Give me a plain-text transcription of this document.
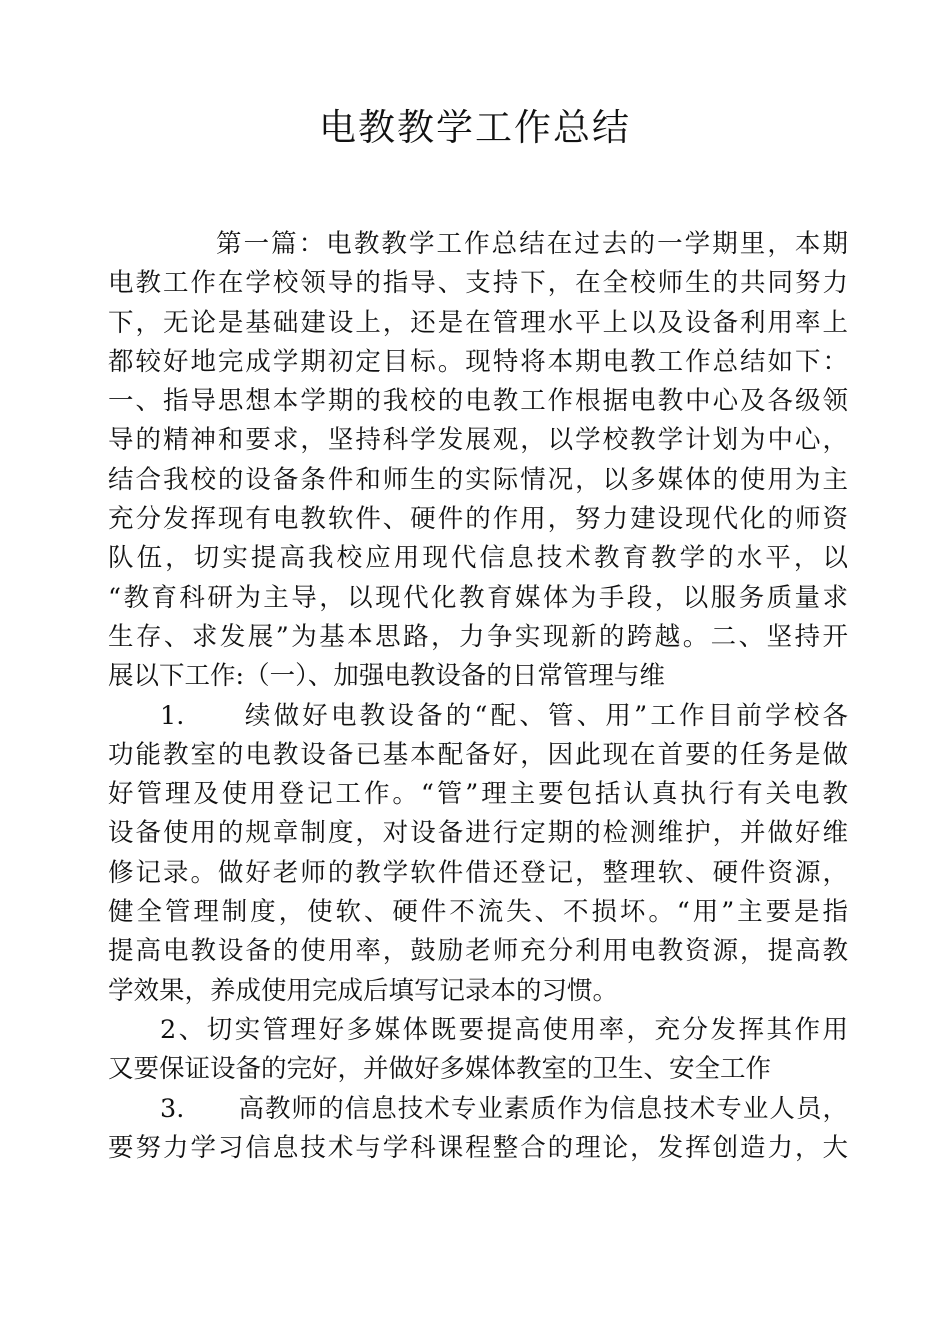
电教教学工作总结
第一篇：电教教学工作总结在过去的一学期里，本期
电教工作在学校领导的指导、支持下，在全校师生的共同努力
下，无论是基础建设上，还是在管理水平上以及设备利用率上
都较好地完成学期初定目标。现特将本期电教工作总结如下：
一、指导思想本学期的我校的电教工作根据电教中心及各级领
导的精神和要求，坚持科学发展观，以学校教学计划为中心，
结合我校的设备条件和师生的实际情况，以多媒体的使用为主
充分发挥现有电教软件、硬件的作用，努力建设现代化的师资
队伍，切实提高我校应用现代信息技术教育教学的水平，以
“教育科研为主导，以现代化教育媒体为手段，以服务质量求
生存、求发展”为基本思路，力争实现新的跨越。二、坚持开
展以下工作:（一）、加强电教设备的日常管理与维
1.　　续做好电教设备的“配、管、用”工作目前学校各
功能教室的电教设备已基本配备好，因此现在首要的任务是做
好管理及使用登记工作。“管”理主要包括认真执行有关电教
设备使用的规章制度，对设备进行定期的检测维护，并做好维
修记录。做好老师的教学软件借还登记，整理软、硬件资源，
健全管理制度，使软、硬件不流失、不损坏。“用”主要是指
提高电教设备的使用率，鼓励老师充分利用电教资源，提高教
学效果，养成使用完成后填写记录本的习惯。
2、切实管理好多媒体既要提高使用率，充分发挥其作用
又要保证设备的完好，并做好多媒体教室的卫生、安全工作
3.　　高教师的信息技术专业素质作为信息技术专业人员，
要努力学习信息技术与学科课程整合的理论，发挥创造力，大
